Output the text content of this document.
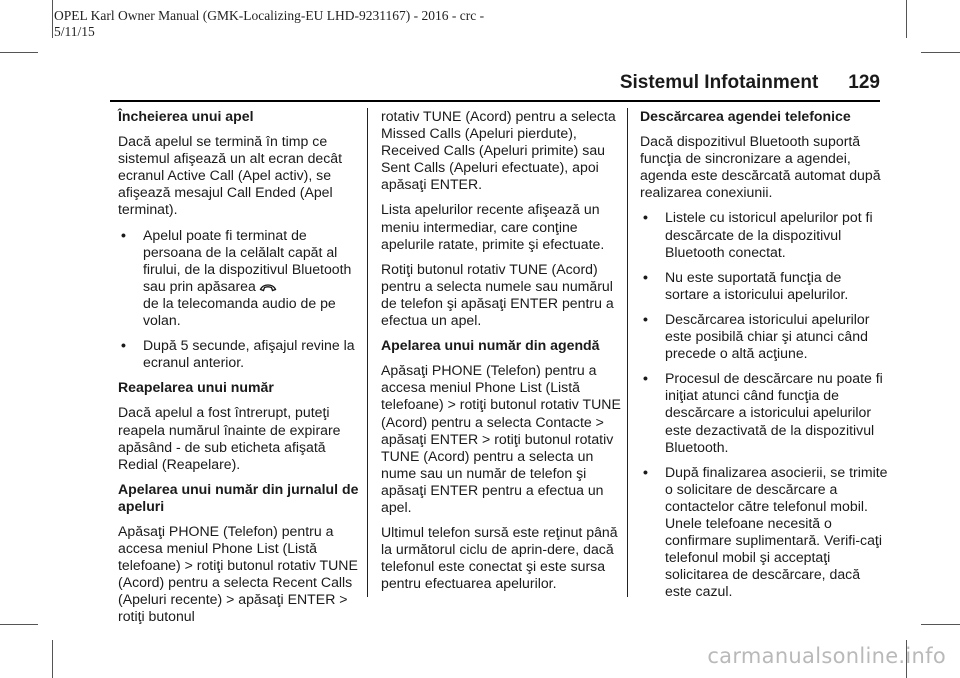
OPEL Karl Owner Manual (GMK-Localizing-EU LHD-9231167) - 2016 - crc -
5/11/15
Sistemul Infotainment 129
Încheierea unui apel
Dacă apelul se termină în timp ce sistemul afişează un alt ecran decât ecranul Active Call (Apel activ), se afişează mesajul Call Ended (Apel terminat).
• Apelul poate fi terminat de persoana de la celălalt capăt al firului, de la dispozitivul Bluetooth sau prin apăsarea
de la telecomanda audio de pe volan.
• După 5 secunde, afişajul revine la ecranul anterior.
Reapelarea unui număr
Dacă apelul a fost întrerupt, puteţi reapela numărul înainte de expirare apăsând - de sub eticheta afişată Redial (Reapelare).
Apelarea unui număr din jurnalul de apeluri
Apăsaţi PHONE (Telefon) pentru a accesa meniul Phone List (Listă telefoane) > rotiţi butonul rotativ TUNE (Acord) pentru a selecta Recent Calls (Apeluri recente) > apăsaţi ENTER > rotiţi butonul
rotativ TUNE (Acord) pentru a selecta Missed Calls (Apeluri pierdute), Received Calls (Apeluri primite) sau Sent Calls (Apeluri efectuate), apoi apăsaţi ENTER.
Lista apelurilor recente afişează un meniu intermediar, care conţine apelurile ratate, primite şi efectuate.
Rotiţi butonul rotativ TUNE (Acord) pentru a selecta numele sau numărul de telefon şi apăsaţi ENTER pentru a efectua un apel.
Apelarea unui număr din agendă
Apăsaţi PHONE (Telefon) pentru a accesa meniul Phone List (Listă telefoane) > rotiţi butonul rotativ TUNE (Acord) pentru a selecta Contacte > apăsaţi ENTER > rotiţi butonul rotativ TUNE (Acord) pentru a selecta un nume sau un număr de telefon şi apăsaţi ENTER pentru a efectua un apel.
Ultimul telefon sursă este reţinut până la următorul ciclu de aprin-dere, dacă telefonul este conectat şi este sursa pentru efectuarea apelurilor.
Descărcarea agendei telefonice
Dacă dispozitivul Bluetooth suportă funcţia de sincronizare a agendei, agenda este descărcată automat după realizarea conexiunii.
• Listele cu istoricul apelurilor pot fi descărcate de la dispozitivul Bluetooth conectat.
• Nu este suportată funcţia de sortare a istoricului apelurilor.
• Descărcarea istoricului apelurilor este posibilă chiar şi atunci când precede o altă acţiune.
• Procesul de descărcare nu poate fi iniţiat atunci când funcţia de descărcare a istoricului apelurilor este dezactivată de la dispozitivul Bluetooth.
• După finalizarea asocierii, se trimite o solicitare de descărcare a contactelor către telefonul mobil. Unele telefoane necesită o confirmare suplimentară. Verifi-caţi telefonul mobil şi acceptaţi solicitarea de descărcare, dacă este cazul.
carmanualsonline.info
